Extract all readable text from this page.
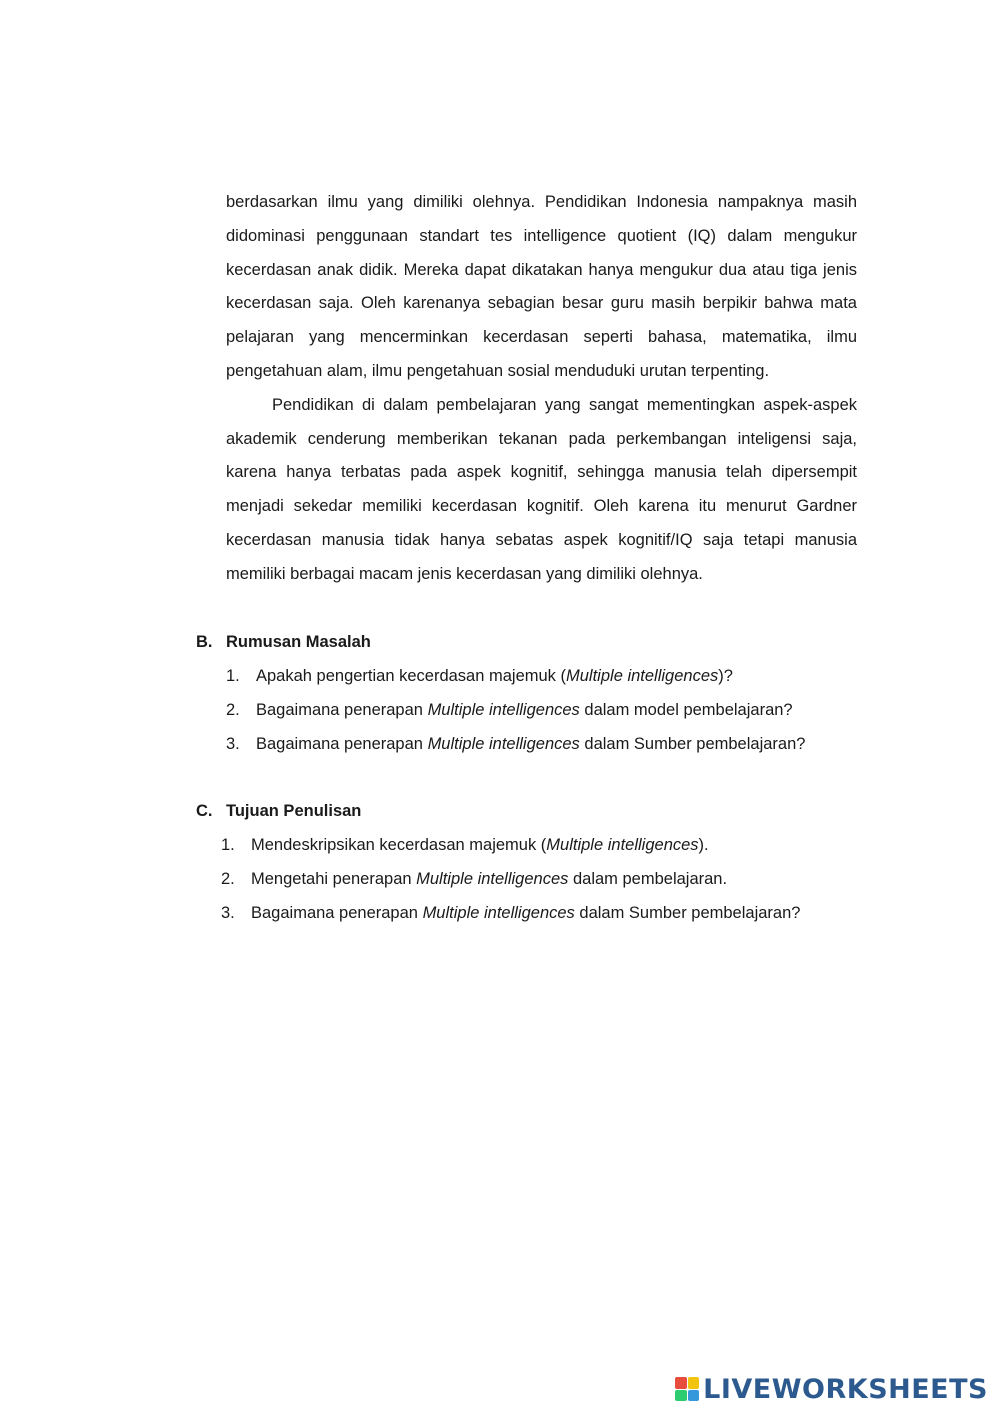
berdasarkan ilmu yang dimiliki olehnya. Pendidikan Indonesia nampaknya masih didominasi penggunaan standart tes intelligence quotient (IQ) dalam mengukur kecerdasan anak didik. Mereka dapat dikatakan hanya mengukur dua atau tiga jenis kecerdasan saja. Oleh karenanya sebagian besar guru masih berpikir bahwa mata pelajaran yang mencerminkan kecerdasan seperti bahasa, matematika, ilmu pengetahuan alam, ilmu pengetahuan sosial menduduki urutan terpenting.

Pendidikan di dalam pembelajaran yang sangat mementingkan aspek-aspek akademik cenderung memberikan tekanan pada perkembangan inteligensi saja, karena hanya terbatas pada aspek kognitif, sehingga manusia telah dipersempit menjadi sekedar memiliki kecerdasan kognitif. Oleh karena itu menurut Gardner kecerdasan manusia tidak hanya sebatas aspek kognitif/IQ saja tetapi manusia memiliki berbagai macam jenis kecerdasan yang dimiliki olehnya.

B. Rumusan Masalah
1. Apakah pengertian kecerdasan majemuk (Multiple intelligences)?
2. Bagaimana penerapan Multiple intelligences dalam model pembelajaran?
3. Bagaimana penerapan Multiple intelligences dalam Sumber pembelajaran?
C. Tujuan Penulisan
1. Mendeskripsikan kecerdasan majemuk (Multiple intelligences).
2. Mengetahi penerapan Multiple intelligences dalam pembelajaran.
3. Bagaimana penerapan Multiple intelligences dalam Sumber pembelajaran?
LIVEWORKSHEETS
